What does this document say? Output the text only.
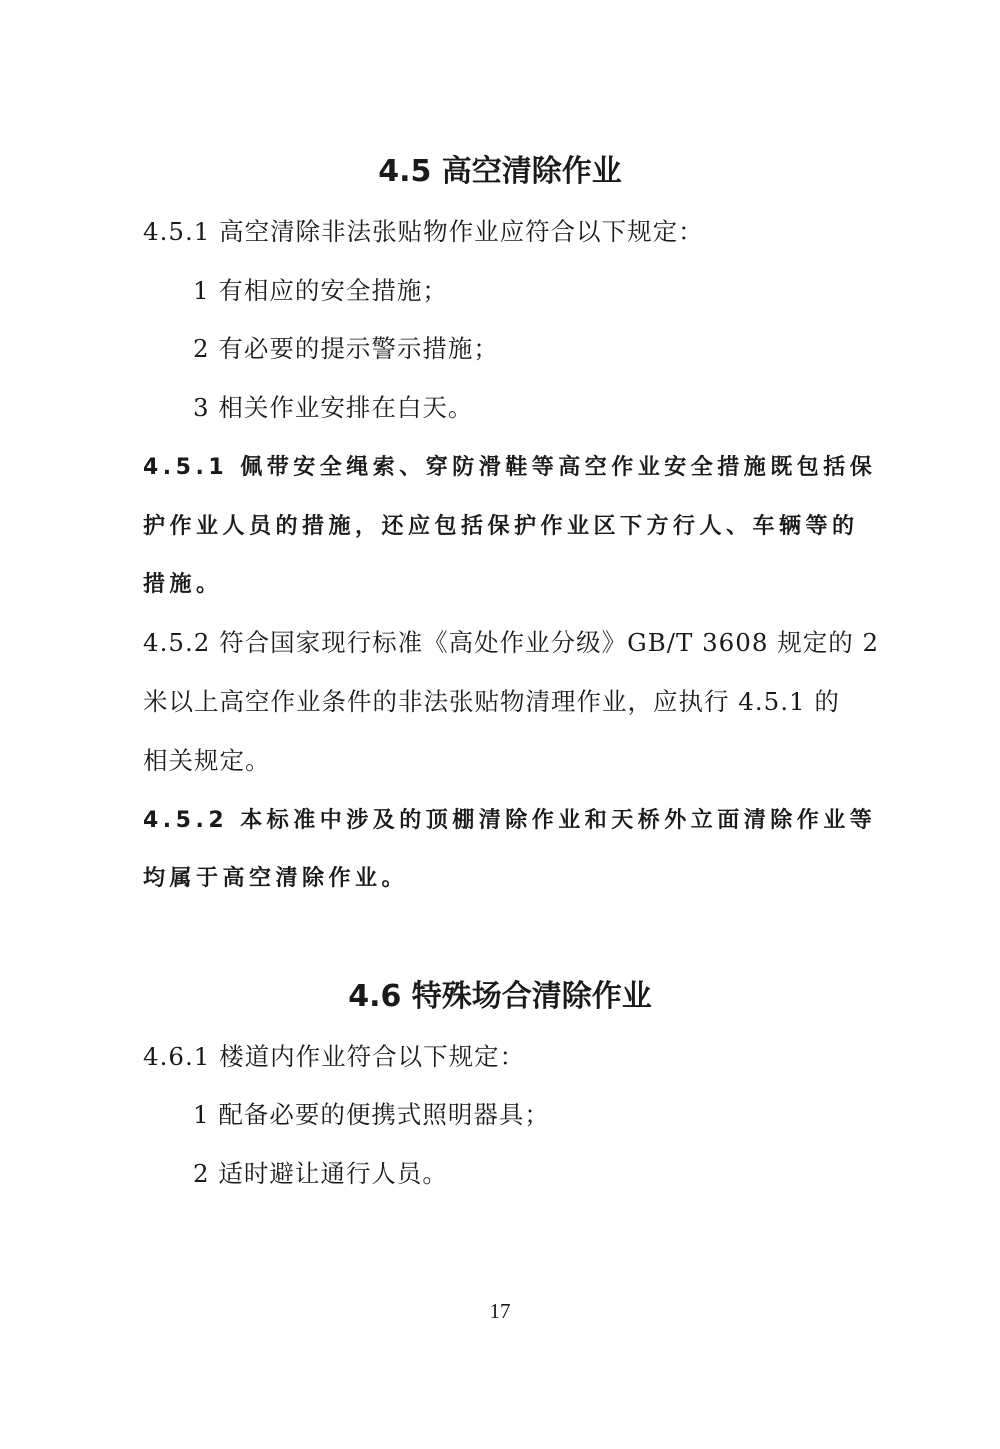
4.5 高空清除作业
4.5.1 高空清除非法张贴物作业应符合以下规定：
1 有相应的安全措施；
2 有必要的提示警示措施；
3 相关作业安排在白天。
4.5.1 佩带安全绳索、穿防滑鞋等高空作业安全措施既包括保
护作业人员的措施，还应包括保护作业区下方行人、车辆等的
措施。
4.5.2 符合国家现行标准《高处作业分级》GB/T 3608 规定的 2
米以上高空作业条件的非法张贴物清理作业，应执行 4.5.1 的
相关规定。
4.5.2 本标准中涉及的顶棚清除作业和天桥外立面清除作业等
均属于高空清除作业。
4.6 特殊场合清除作业
4.6.1 楼道内作业符合以下规定：
1 配备必要的便携式照明器具；
2 适时避让通行人员。
17
